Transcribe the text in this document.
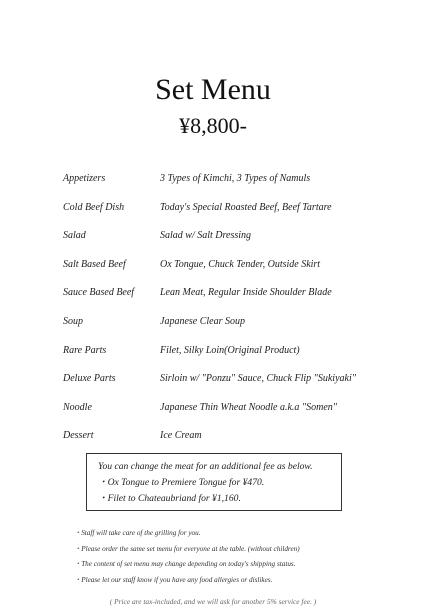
Set Menu
¥8,800-
Appetizers	3 Types of Kimchi, 3 Types of Namuls
Cold Beef Dish	Today's Special Roasted Beef, Beef Tartare
Salad	Salad w/ Salt Dressing
Salt Based Beef	Ox Tongue, Chuck Tender, Outside Skirt
Sauce Based Beef	Lean Meat, Regular Inside Shoulder Blade
Soup	Japanese Clear Soup
Rare Parts	Filet, Silky Loin(Original Product)
Deluxe Parts	Sirloin w/ "Ponzu" Sauce, Chuck Flip "Sukiyaki"
Noodle	Japanese Thin Wheat Noodle a.k.a "Somen"
Dessert	Ice Cream
You can change the meat for an additional fee as below.
・Ox Tongue to Premiere Tongue for ¥470.
・Filet to Chateaubriand for ¥1,160.
・Staff will take care of the grilling for you.
・Please order the same set menu for everyone at the table. (without children)
・The content of set menu may change depending on today's shipping status.
・Please let our staff know if you have any food allergies or dislikes.
( Price are tax-included, and we will ask for another 5% service fee. )
